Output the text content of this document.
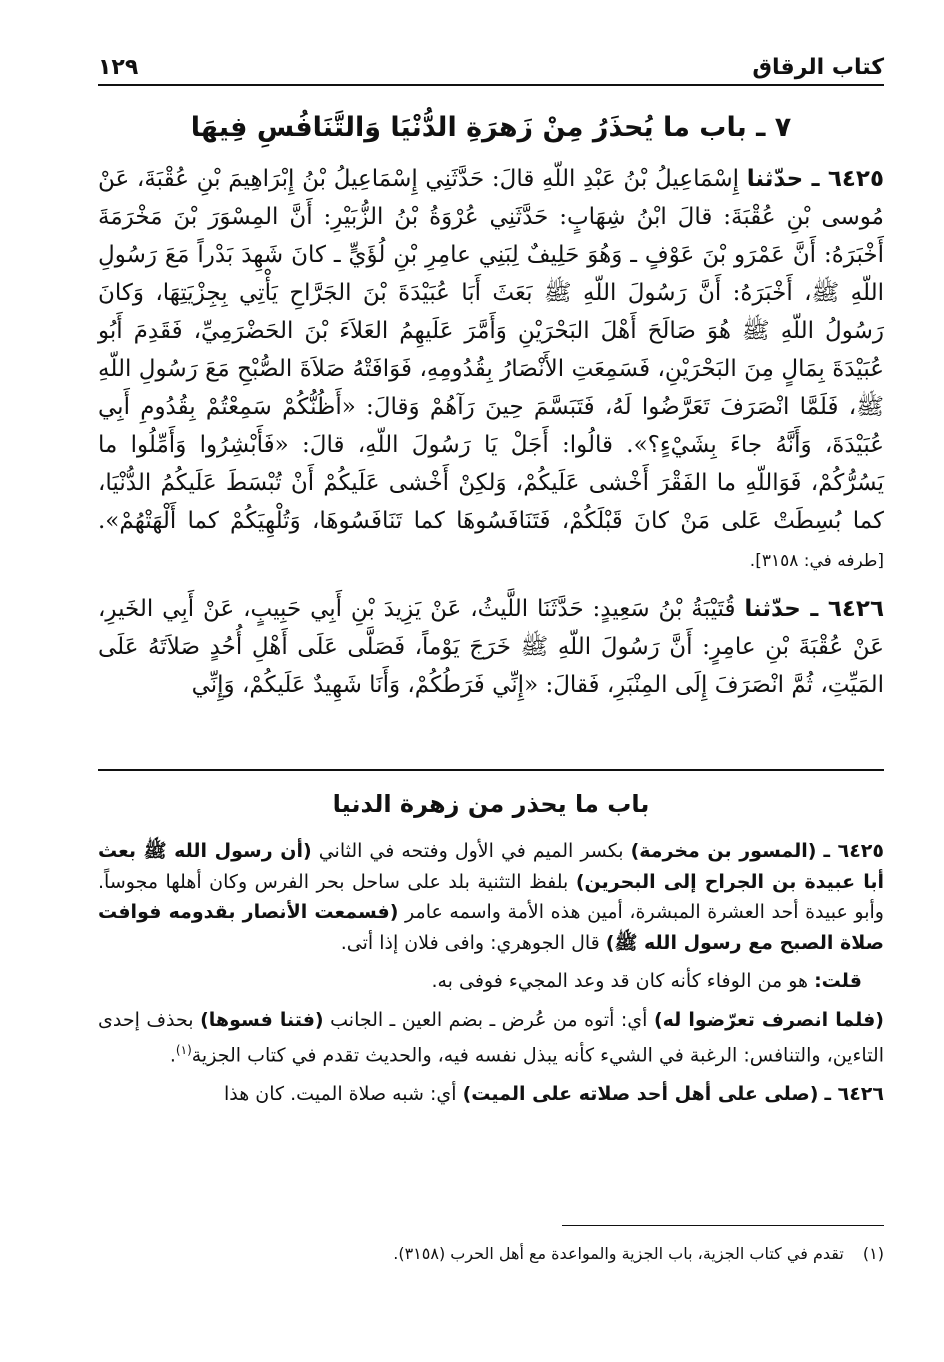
١٢٩	كتاب الرقاق
٧ ـ باب ما يُحذَرُ مِنْ زَهرَةِ الدُّنْيَا وَالتَّنَافُسِ فِيهَا

٦٤٢٥ ـ حدّثنا إِسْمَاعِيلُ بْنُ عَبْدِ اللّهِ قالَ: حَدَّثَنِي إِسْمَاعِيلُ بْنُ إِبْرَاهِيمَ بْنِ عُقْبَةَ، عَنْ مُوسى بْنِ عُقْبَةَ: قالَ ابْنُ شِهَابٍ: حَدَّثَنِي عُرْوَةُ بْنُ الزُّبَيْرِ: أَنَّ المِسْوَرَ بْنَ مَخْرَمَةَ أَخْبَرَهُ: أَنَّ عَمْرَو بْنَ عَوْفٍ ـ وَهُوَ حَلِيفٌ لِبَنِي عامِرِ بْنِ لُؤَيٍّ ـ كانَ شَهِدَ بَدْراً مَعَ رَسُولِ اللّهِ ﷺ، أَخْبَرَهُ: أَنَّ رَسُولَ اللّهِ ﷺ بَعَثَ أَبَا عُبَيْدَةَ بْنَ الجَرَّاحِ يَأْتِي بِجِزْيَتِهَا، وَكانَ رَسُولُ اللّهِ ﷺ هُوَ صَالَحَ أَهْلَ البَحْرَيْنِ وَأَمَّرَ عَلَيهِمُ العَلاَءَ بْنَ الحَضْرَمِيِّ، فَقَدِمَ أَبُو عُبَيْدَةَ بِمَالٍ مِنَ البَحْرَيْنِ، فَسَمِعَتِ الأَنْصَارُ بِقُدُومِهِ، فَوَافَتْهُ صَلاَةَ الصُّبْحِ مَعَ رَسُولِ اللّهِ ﷺ، فَلَمَّا انْصَرَفَ تَعَرَّضُوا لَهُ، فَتَبَسَّمَ حِينَ رَآهُمْ وَقالَ: «أَظُنُّكُمْ سَمِعْتُمْ بِقُدُومِ أَبِي عُبَيْدَةَ، وَأَنَّهُ جاءَ بِشَيْءٍ؟». قالُوا: أَجَلْ يَا رَسُولَ اللّهِ، قالَ: «فَأَبْشِرُوا وَأَمِّلُوا ما يَسُرُّكُمْ، فَوَاللّهِ ما الفَقْرَ أَخْشى عَلَيكُمْ، وَلكِنْ أَخْشى عَلَيكُمْ أَنْ تُبْسَطَ عَلَيكُمُ الدُّنْيَا، كما بُسِطَتْ عَلى مَنْ كانَ قَبْلَكُمْ، فَتَنَافَسُوهَا كما تَنَافَسُوهَا، وَتُلْهِيَكُمْ كما أَلْهَتْهُمْ». [طرفه في: ٣١٥٨].

٦٤٢٦ ـ حدّثنا قُتَيْبَةُ بْنُ سَعِيدٍ: حَدَّثَنَا اللَّيثُ، عَنْ يَزِيدَ بْنِ أَبِي حَبِيبٍ، عَنْ أَبِي الخَيرِ، عَنْ عُقْبَةَ بْنِ عامِرٍ: أَنَّ رَسُولَ اللّهِ ﷺ خَرَجَ يَوْماً، فَصَلَّى عَلَى أَهْلِ أُحُدٍ صَلاَتَهُ عَلَى المَيِّتِ، ثُمَّ انْصَرَفَ إِلَى المِنْبَرِ، فَقالَ: «إِنِّي فَرَطُكُمْ، وَأَنَا شَهِيدٌ عَلَيكُمْ، وَإِنِّي

باب ما يحذر من زهرة الدنيا

٦٤٢٥ ـ (المسور بن مخرمة) بكسر الميم في الأول وفتحه في الثاني (أن رسول الله ﷺ بعث أبا عبيدة بن الجراح إلى البحرين) بلفظ التثنية بلد على ساحل بحر الفرس وكان أهلها مجوساً. وأبو عبيدة أحد العشرة المبشرة، أمين هذه الأمة واسمه عامر (فسمعت الأنصار بقدومه فوافت صلاة الصبح مع رسول الله ﷺ) قال الجوهري: وافى فلان إذا أتى.

قلت: هو من الوفاء كأنه كان قد وعد المجيء فوفى به.

(فلما انصرف تعرّضوا له) أي: أتوه من عُرض ـ بضم العين ـ الجانب (فتنا فسوها) بحذف إحدى التاءين، والتنافس: الرغبة في الشيء كأنه يبذل نفسه فيه، والحديث تقدم في كتاب الجزية$^{(١)}$.

٦٤٢٦ ـ (صلى على أهل أحد صلاته على الميت) أي: شبه صلاة الميت. كان هذا

(١) تقدم في كتاب الجزية، باب الجزية والمواعدة مع أهل الحرب (٣١٥٨).
